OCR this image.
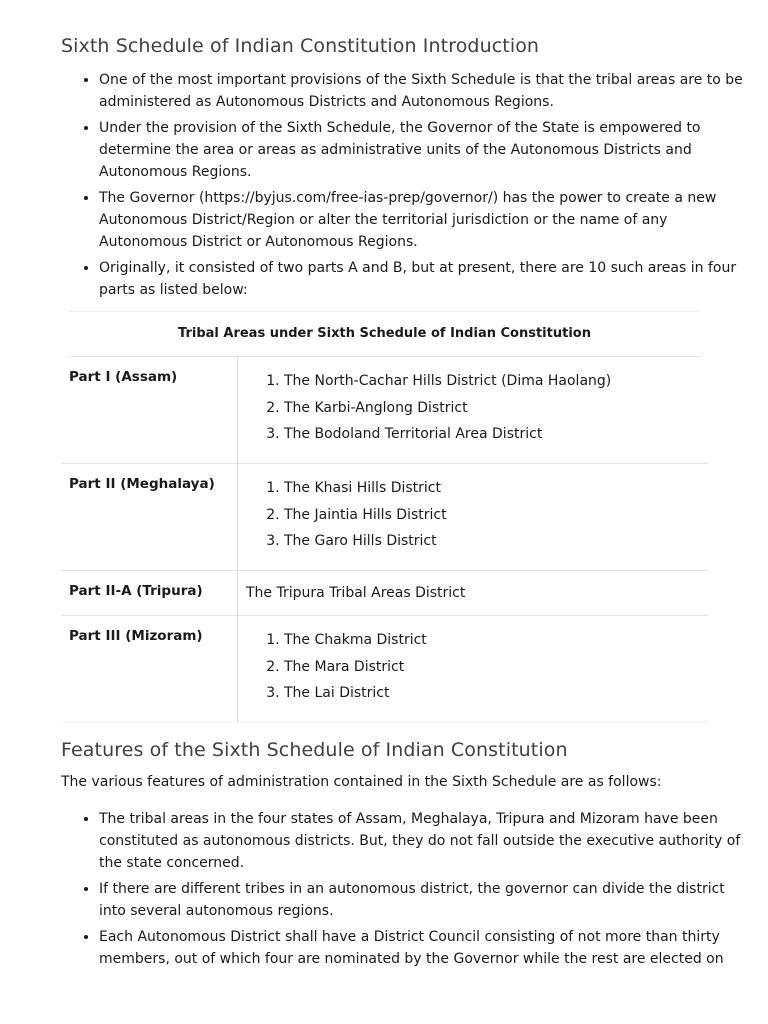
Sixth Schedule of Indian Constitution Introduction
• One of the most important provisions of the Sixth Schedule is that the tribal areas are to be administered as Autonomous Districts and Autonomous Regions.
• Under the provision of the Sixth Schedule, the Governor of the State is empowered to determine the area or areas as administrative units of the Autonomous Districts and Autonomous Regions.
• The Governor (https://byjus.com/free-ias-prep/governor/) has the power to create a new Autonomous District/Region or alter the territorial jurisdiction or the name of any Autonomous District or Autonomous Regions.
• Originally, it consisted of two parts A and B, but at present, there are 10 such areas in four parts as listed below:
Tribal Areas under Sixth Schedule of Indian Constitution
Part I (Assam)	1. The North-Cachar Hills District (Dima Haolang)
2. The Karbi-Anglong District
3. The Bodoland Territorial Area District
Part II (Meghalaya)	1. The Khasi Hills District
2. The Jaintia Hills District
3. The Garo Hills District
Part II-A (Tripura)	The Tripura Tribal Areas District
Part III (Mizoram)	1. The Chakma District
2. The Mara District
3. The Lai District
Features of the Sixth Schedule of Indian Constitution

The various features of administration contained in the Sixth Schedule are as follows:

• The tribal areas in the four states of Assam, Meghalaya, Tripura and Mizoram have been constituted as autonomous districts. But, they do not fall outside the executive authority of the state concerned.
• If there are different tribes in an autonomous district, the governor can divide the district into several autonomous regions.
• Each Autonomous District shall have a District Council consisting of not more than thirty members, out of which four are nominated by the Governor while the rest are elected on
